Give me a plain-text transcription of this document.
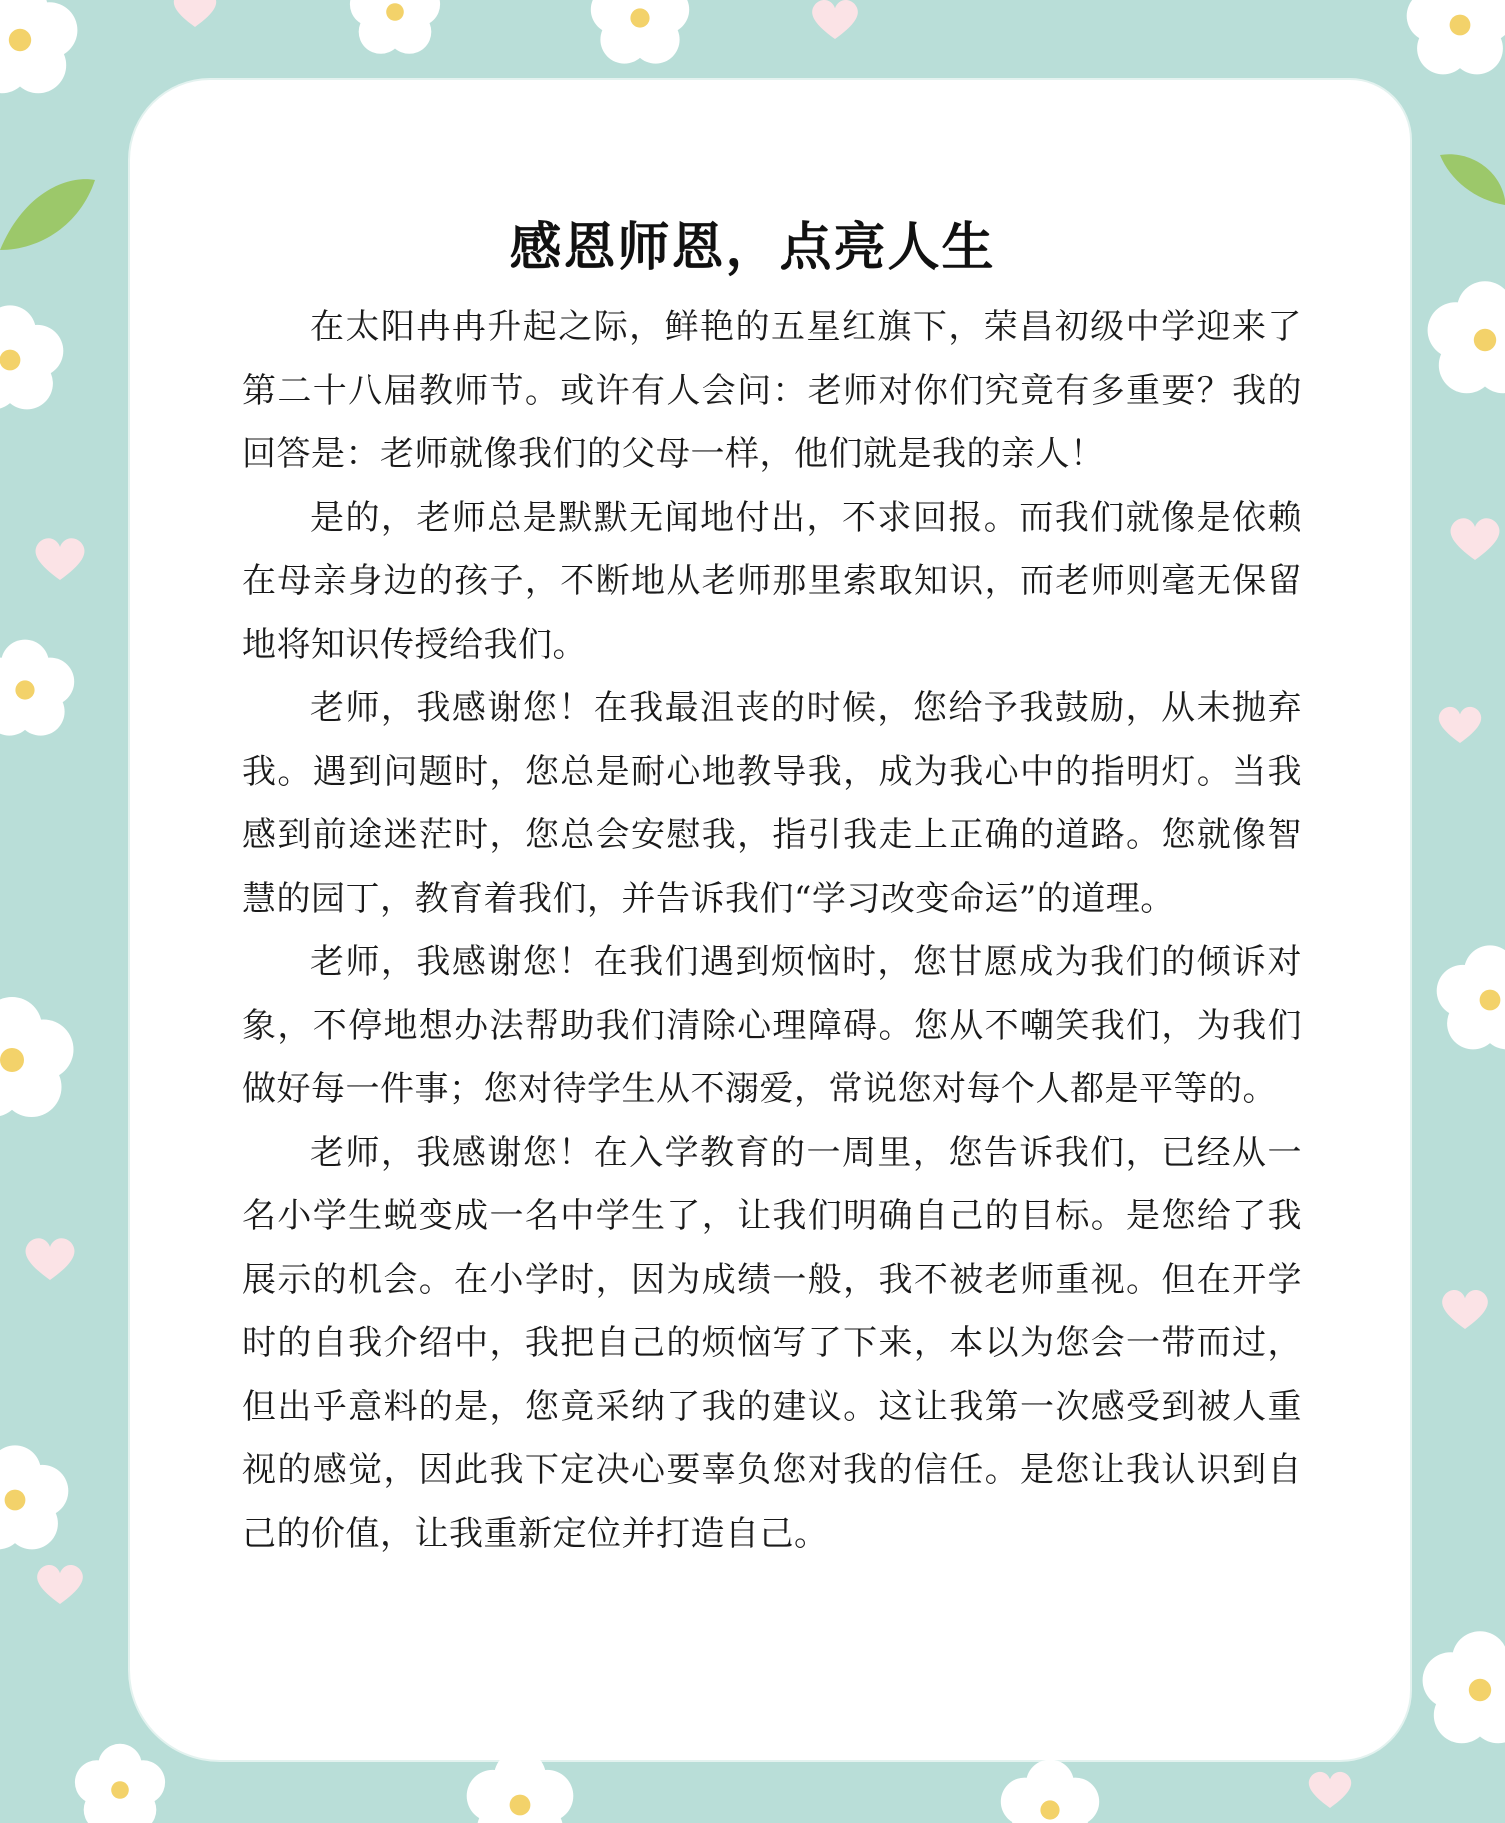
感恩师恩，点亮人生

在太阳冉冉升起之际，鲜艳的五星红旗下，荣昌初级中学迎来了第二十八届教师节。或许有人会问：老师对你们究竟有多重要？我的回答是：老师就像我们的父母一样，他们就是我的亲人！

是的，老师总是默默无闻地付出，不求回报。而我们就像是依赖在母亲身边的孩子，不断地从老师那里索取知识，而老师则毫无保留地将知识传授给我们。

老师，我感谢您！在我最沮丧的时候，您给予我鼓励，从未抛弃我。遇到问题时，您总是耐心地教导我，成为我心中的指明灯。当我感到前途迷茫时，您总会安慰我，指引我走上正确的道路。您就像智慧的园丁，教育着我们，并告诉我们“学习改变命运”的道理。

老师，我感谢您！在我们遇到烦恼时，您甘愿成为我们的倾诉对象，不停地想办法帮助我们清除心理障碍。您从不嘲笑我们，为我们做好每一件事；您对待学生从不溺爱，常说您对每个人都是平等的。

老师，我感谢您！在入学教育的一周里，您告诉我们，已经从一名小学生蜕变成一名中学生了，让我们明确自己的目标。是您给了我展示的机会。在小学时，因为成绩一般，我不被老师重视。但在开学时的自我介绍中，我把自己的烦恼写了下来，本以为您会一带而过，但出乎意料的是，您竟采纳了我的建议。这让我第一次感受到被人重视的感觉，因此我下定决心要辜负您对我的信任。是您让我认识到自己的价值，让我重新定位并打造自己。
